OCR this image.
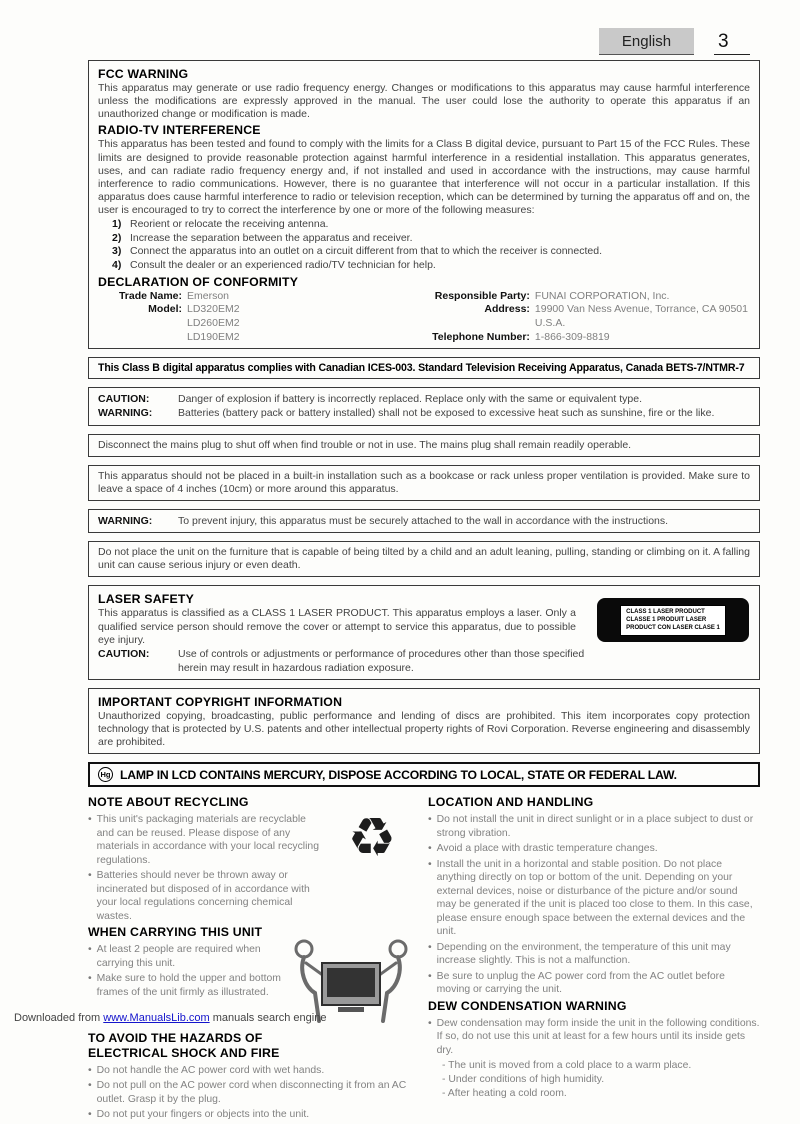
English	3
FCC WARNING

This apparatus may generate or use radio frequency energy. Changes or modifications to this apparatus may cause harmful interference unless the modifications are expressly approved in the manual. The user could lose the authority to operate this apparatus if an unauthorized change or modification is made.

RADIO-TV INTERFERENCE

This apparatus has been tested and found to comply with the limits for a Class B digital device, pursuant to Part 15 of the FCC Rules. These limits are designed to provide reasonable protection against harmful interference in a residential installation. This apparatus generates, uses, and can radiate radio frequency energy and, if not installed and used in accordance with the instructions, may cause harmful interference to radio communications. However, there is no guarantee that interference will not occur in a particular installation. If this apparatus does cause harmful interference to radio or television reception, which can be determined by turning the apparatus off and on, the user is encouraged to try to correct the interference by one or more of the following measures:

1) Reorient or relocate the receiving antenna.
2) Increase the separation between the apparatus and receiver.
3) Connect the apparatus into an outlet on a circuit different from that to which the receiver is connected.
4) Consult the dealer or an experienced radio/TV technician for help.
DECLARATION OF CONFORMITY
Trade Name: Emerson
Model: LD320EM2
LD260EM2
LD190EM2
Responsible Party: FUNAI CORPORATION, Inc.
Address: 19900 Van Ness Avenue, Torrance, CA 90501 U.S.A.
Telephone Number: 1-866-309-8819

This Class B digital apparatus complies with Canadian ICES-003. Standard Television Receiving Apparatus, Canada BETS-7/NTMR-7

CAUTION:	Danger of explosion if battery is incorrectly replaced. Replace only with the same or equivalent type.
WARNING:	Batteries (battery pack or battery installed) shall not be exposed to excessive heat such as sunshine, fire or the like.

Disconnect the mains plug to shut off when find trouble or not in use. The mains plug shall remain readily operable.

This apparatus should not be placed in a built-in installation such as a bookcase or rack unless proper ventilation is provided. Make sure to leave a space of 4 inches (10cm) or more around this apparatus.

WARNING:	To prevent injury, this apparatus must be securely attached to the wall in accordance with the instructions.

Do not place the unit on the furniture that is capable of being tilted by a child and an adult leaning, pulling, standing or climbing on it. A falling unit can cause serious injury or even death.

LASER SAFETY

This apparatus is classified as a CLASS 1 LASER PRODUCT. This apparatus employs a laser. Only a qualified service person should remove the cover or attempt to service this apparatus, due to possible eye injury.

CAUTION:	Use of controls or adjustments or performance of procedures other than those specified herein may result in hazardous radiation exposure.
CLASS 1 LASER PRODUCT
CLASSE 1 PRODUIT LASER
PRODUCT CON LASER CLASE 1
IMPORTANT COPYRIGHT INFORMATION

Unauthorized copying, broadcasting, public performance and lending of discs are prohibited. This item incorporates copy protection technology that is protected by U.S. patents and other intellectual property rights of Rovi Corporation. Reverse engineering and disassembly are prohibited.

Hg LAMP IN LCD CONTAINS MERCURY, DISPOSE ACCORDING TO LOCAL, STATE OR FEDERAL LAW.
NOTE ABOUT RECYCLING
• This unit's packaging materials are recyclable and can be reused. Please dispose of any materials in accordance with your local recycling regulations.
• Batteries should never be thrown away or incinerated but disposed of in accordance with your local regulations concerning chemical wastes.
♻
WHEN CARRYING THIS UNIT
• At least 2 people are required when carrying this unit.
• Make sure to hold the upper and bottom frames of the unit firmly as illustrated.
TO AVOID THE HAZARDS OF
ELECTRICAL SHOCK AND FIRE
• Do not handle the AC power cord with wet hands.
• Do not pull on the AC power cord when disconnecting it from an AC outlet. Grasp it by the plug.
• Do not put your fingers or objects into the unit.
LOCATION AND HANDLING
• Do not install the unit in direct sunlight or in a place subject to dust or strong vibration.
• Avoid a place with drastic temperature changes.
• Install the unit in a horizontal and stable position. Do not place anything directly on top or bottom of the unit. Depending on your external devices, noise or disturbance of the picture and/or sound may be generated if the unit is placed too close to them. In this case, please ensure enough space between the external devices and the unit.
• Depending on the environment, the temperature of this unit may increase slightly. This is not a malfunction.
• Be sure to unplug the AC power cord from the AC outlet before moving or carrying the unit.
DEW CONDENSATION WARNING
• Dew condensation may form inside the unit in the following conditions. If so, do not use this unit at least for a few hours until its inside gets dry.
- The unit is moved from a cold place to a warm place.
- Under conditions of high humidity.
- After heating a cold room.
Downloaded from www.ManualsLib.com manuals search engine
